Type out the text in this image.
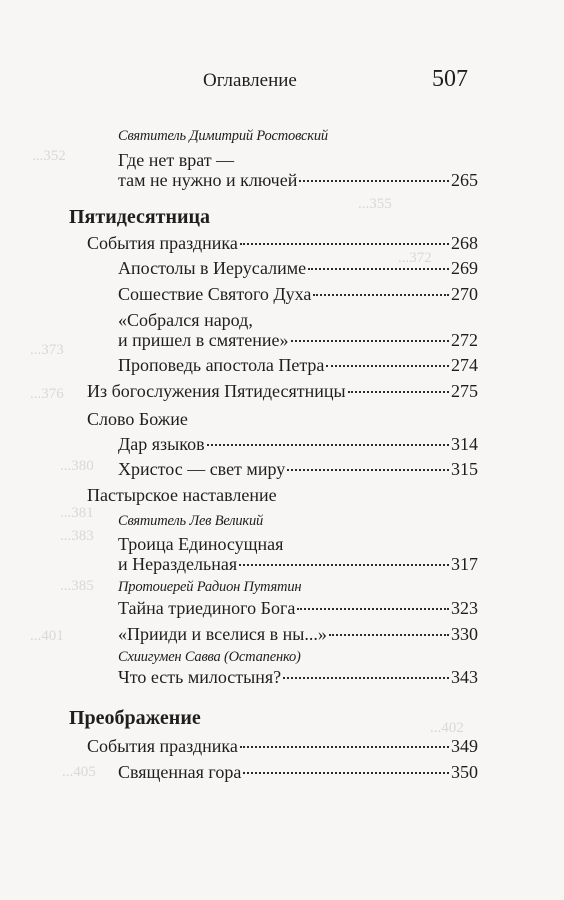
...352
...355
...372
...373
...376
...380
...381
...383
...385
...401
...402
...405
Оглавление	507
Святитель Димитрий Ростовский
Где нет врат —
там не нужно и ключей	265
Пятидесятница
События праздника	268
Апостолы в Иерусалиме	269
Сошествие Святого Духа	270
«Собрался народ,
и пришел в смятение»	272
Проповедь апостола Петра	274
Из богослужения Пятидесятницы	275
Слово Божие
Дар языков	314
Христос — свет миру	315
Пастырское наставление
Святитель Лев Великий
Троица Единосущная
и Нераздельная	317
Протоиерей Радион Путятин
Тайна триединого Бога	323
«Прииди и вселися в ны...»	330
Схиигумен Савва (Остапенко)
Что есть милостыня?	343
Преображение
События праздника	349
Священная гора	350
